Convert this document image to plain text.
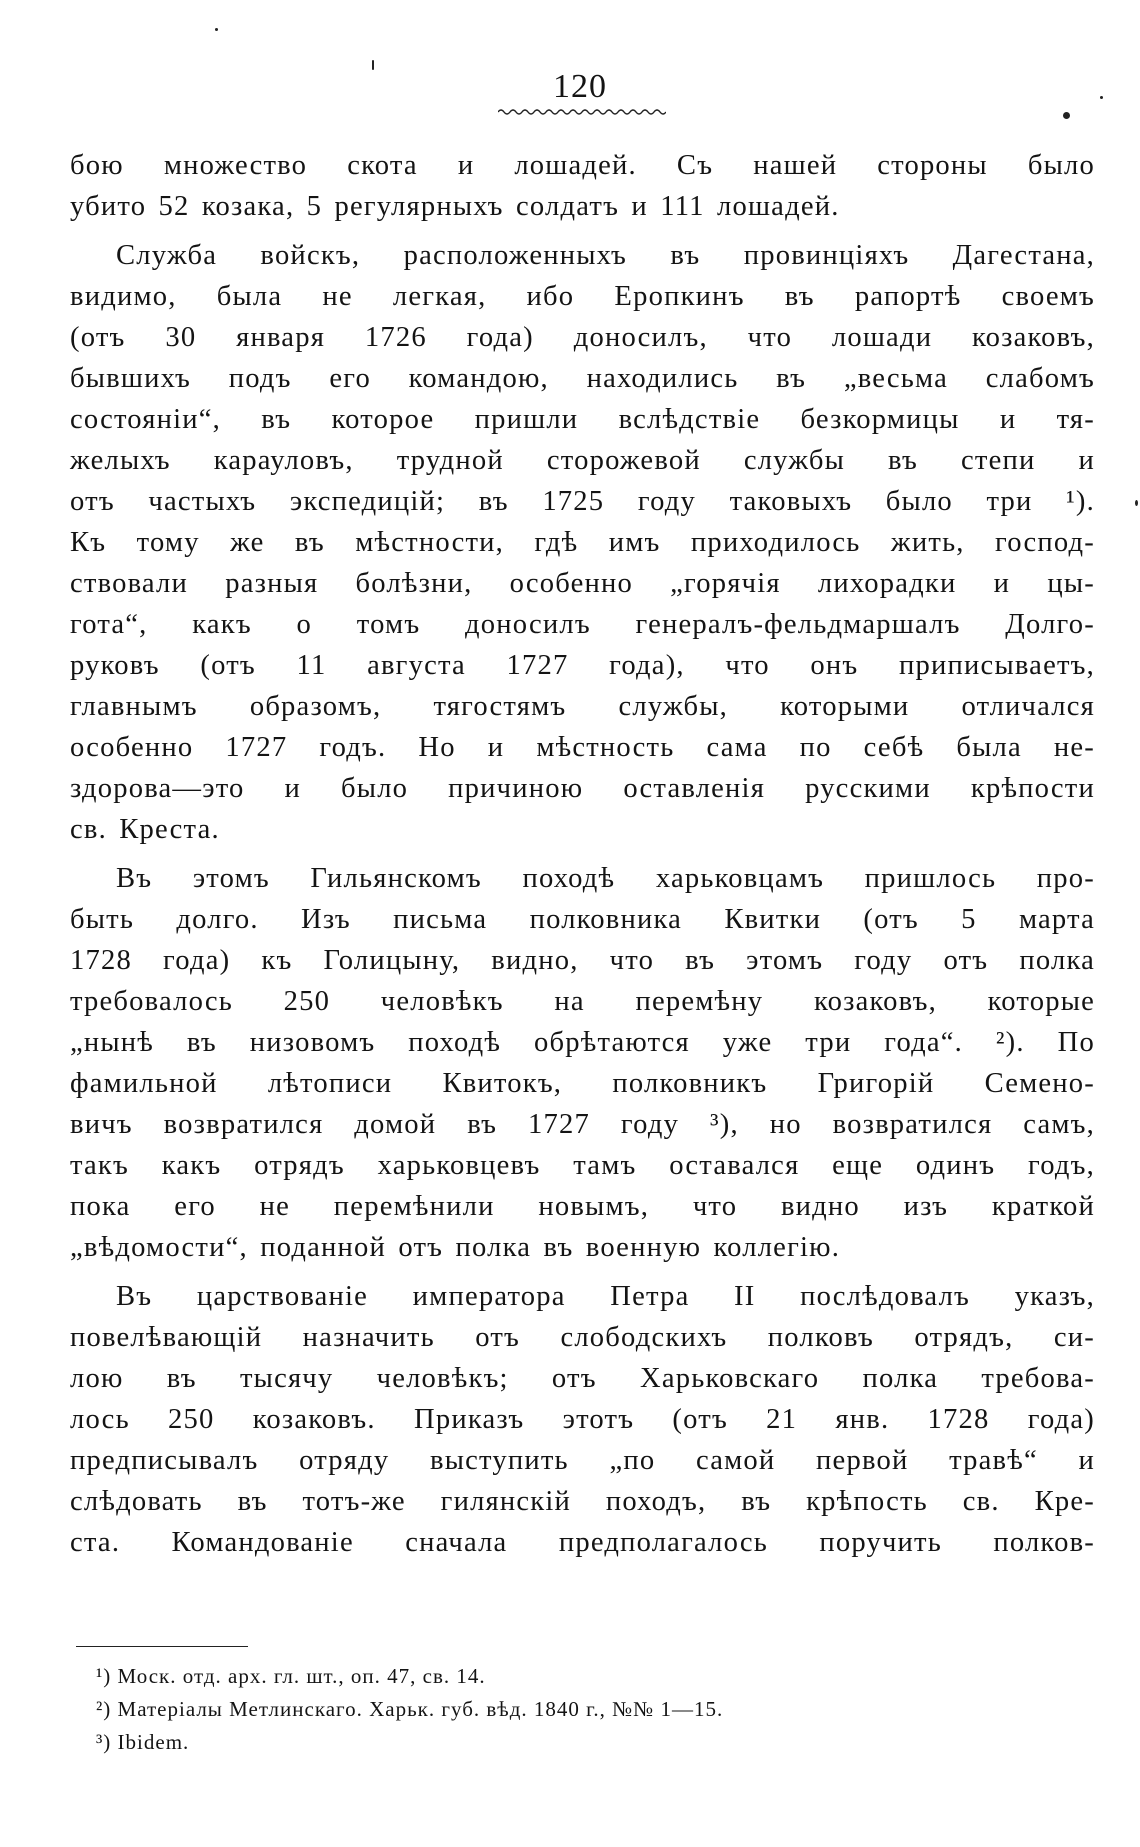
120
бою множество скота и лошадей. Съ нашей стороны было
убито 52 козака, 5 регулярныхъ солдатъ и 111 лошадей.
Служба войскъ, расположенныхъ въ провинціяхъ Дагестана,
видимо, была не легкая, ибо Еропкинъ въ рапортѣ своемъ
(отъ 30 января 1726 года) доносилъ, что лошади козаковъ,
бывшихъ подъ его командою, находились въ „весьма слабомъ
состояніи“, въ которое пришли вслѣдствіе безкормицы и тя-
желыхъ карауловъ, трудной сторожевой службы въ степи и
отъ частыхъ экспедицій; въ 1725 году таковыхъ было три ¹).
Къ тому же въ мѣстности, гдѣ имъ приходилось жить, господ-
ствовали разныя болѣзни, особенно „горячія лихорадки и цы-
гота“, какъ о томъ доносилъ генералъ-фельдмаршалъ Долго-
руковъ (отъ 11 августа 1727 года), что онъ приписываетъ,
главнымъ образомъ, тягостямъ службы, которыми отличался
особенно 1727 годъ. Но и мѣстность сама по себѣ была не-
здорова—это и было причиною оставленія русскими крѣпости
св. Креста.
Въ этомъ Гильянскомъ походѣ харьковцамъ пришлось про-
быть долго. Изъ письма полковника Квитки (отъ 5 марта
1728 года) къ Голицыну, видно, что въ этомъ году отъ полка
требовалось 250 человѣкъ на перемѣну козаковъ, которые
„нынѣ въ низовомъ походѣ обрѣтаются уже три года“. ²). По
фамильной лѣтописи Квитокъ, полковникъ Григорій Семено-
вичъ возвратился домой въ 1727 году ³), но возвратился самъ,
такъ какъ отрядъ харьковцевъ тамъ оставался еще одинъ годъ,
пока его не перемѣнили новымъ, что видно изъ краткой
„вѣдомости“, поданной отъ полка въ военную коллегію.
Въ царствованіе императора Петра II послѣдовалъ указъ,
повелѣвающій назначить отъ слободскихъ полковъ отрядъ, си-
лою въ тысячу человѣкъ; отъ Харьковскаго полка требова-
лось 250 козаковъ. Приказъ этотъ (отъ 21 янв. 1728 года)
предписывалъ отряду выступить „по самой первой травѣ“ и
слѣдовать въ тотъ-же гилянскій походъ, въ крѣпость св. Кре-
ста. Командованіе сначала предполагалось поручить полков-
¹) Моск. отд. арх. гл. шт., оп. 47, св. 14.
²) Матеріалы Метлинскаго. Харьк. губ. вѣд. 1840 г., №№ 1—15.
³) Ibidem.
